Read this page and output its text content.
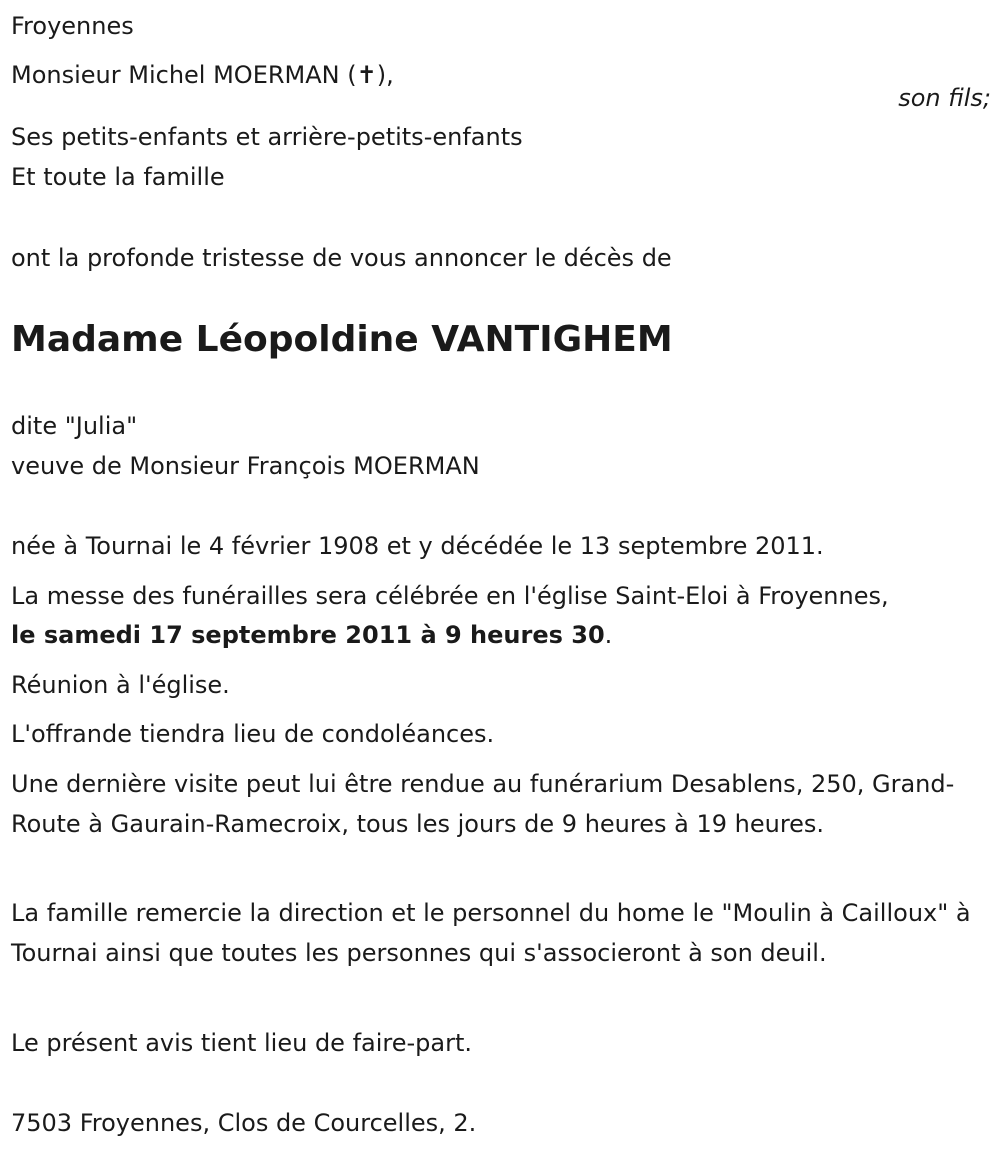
Froyennes
Monsieur Michel MOERMAN (✝),
son fils;
Ses petits-enfants et arrière-petits-enfants
Et toute la famille
ont la profonde tristesse de vous annoncer le décès de
Madame Léopoldine VANTIGHEM
dite "Julia"
veuve de Monsieur François MOERMAN
née à Tournai le 4 février 1908 et y décédée le 13 septembre 2011.
La messe des funérailles sera célébrée en l'église Saint-Eloi à Froyennes,
le samedi 17 septembre 2011 à 9 heures 30.
Réunion à l'église.
L'offrande tiendra lieu de condoléances.
Une dernière visite peut lui être rendue au funérarium Desablens, 250, Grand-Route à Gaurain-Ramecroix, tous les jours de 9 heures à 19 heures.
La famille remercie la direction et le personnel du home le "Moulin à Cailloux" à Tournai ainsi que toutes les personnes qui s'associeront à son deuil.
Le présent avis tient lieu de faire-part.
7503 Froyennes, Clos de Courcelles, 2.
